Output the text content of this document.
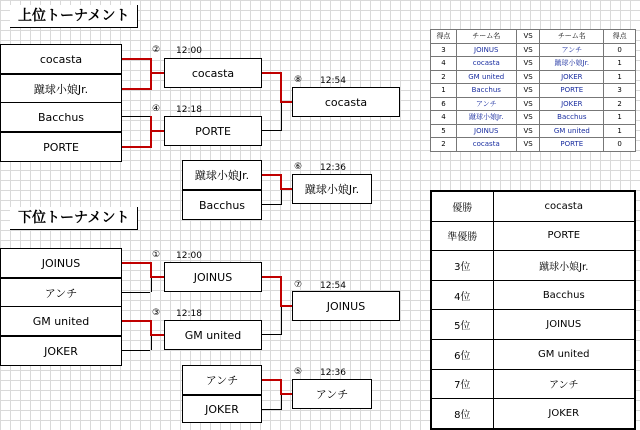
上位トーナメント
cocasta
蹴球小娘Jr.
Bacchus
PORTE
② 12:00
④ 12:18
cocasta
PORTE
⑧ 12:54
cocasta
蹴球小娘Jr.
Bacchus
⑥ 12:36
蹴球小娘Jr.
下位トーナメント
JOINUS
アンチ
GM united
JOKER
① 12:00
③ 12:18
JOINUS
GM united
⑦ 12:54
JOINUS
アンチ
JOKER
⑤ 12:36
アンチ
得点	チーム名	VS	チーム名	得点
3	JOINUS	VS	アンチ	0
4	cocasta	VS	蹴球小娘Jr.	1
2	GM united	VS	JOKER	1
1	Bacchus	VS	PORTE	3
6	アンチ	VS	JOKER	2
4	蹴球小娘Jr.	VS	Bacchus	1
5	JOINUS	VS	GM united	1
2	cocasta	VS	PORTE	0
優勝	cocasta
準優勝	PORTE
3位	蹴球小娘Jr.
4位	Bacchus
5位	JOINUS
6位	GM united
7位	アンチ
8位	JOKER
